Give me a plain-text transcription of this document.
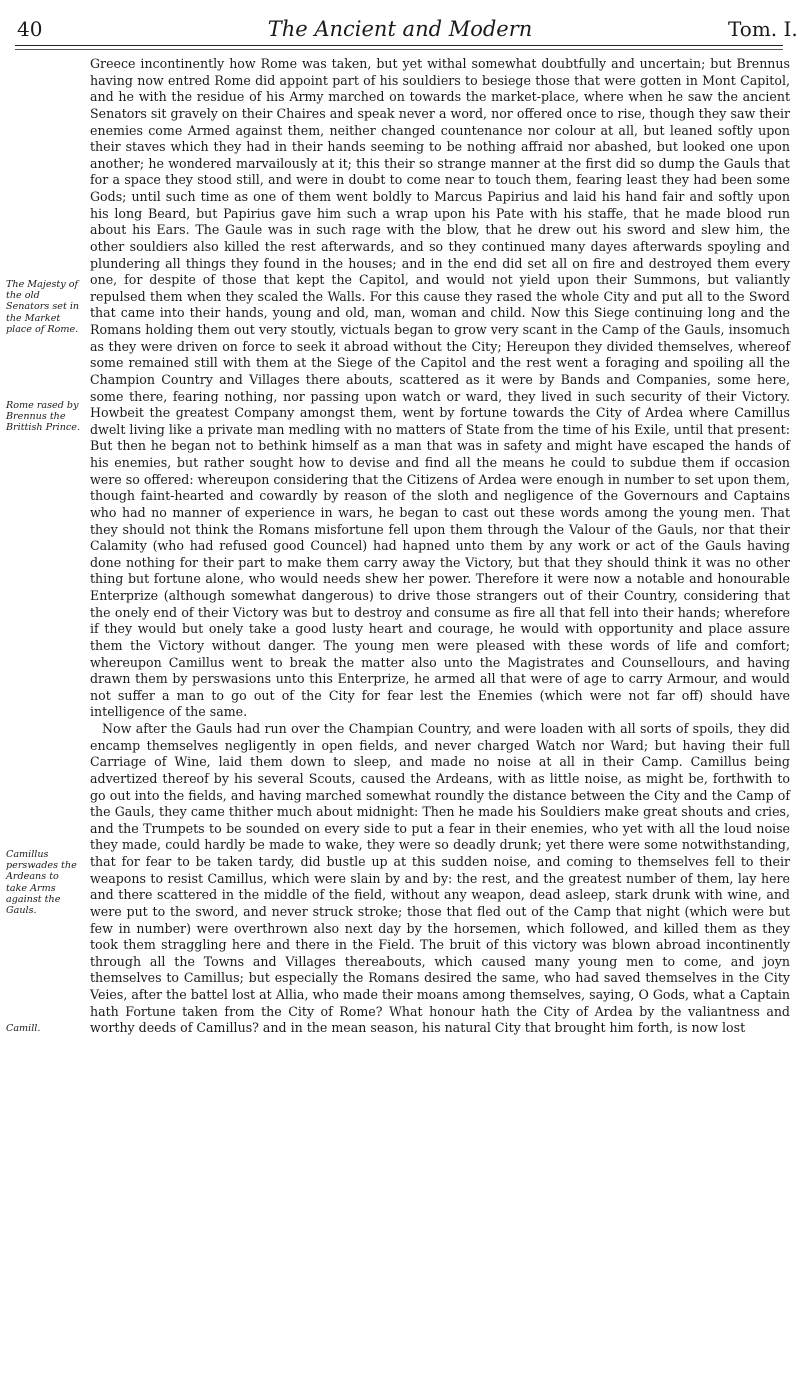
40	The Ancient and Modern	Tom. I.
The Majesty of the old Senators set in the Market place of Rome.
Rome rased by Brennus the Brittish Prince.
Camillus perswades the Ardeans to take Arms against the Gauls.
Camill.

Greece incontinently how Rome was taken, but yet withal somewhat doubtfully and uncertain; but Brennus having now entred Rome did appoint part of his souldiers to besiege those that were gotten in Mont Capitol, and he with the residue of his Army marched on towards the market-place, where when he saw the ancient Senators sit gravely on their Chaires and speak never a word, nor offered once to rise, though they saw their enemies come Armed against them, neither changed countenance nor colour at all, but leaned softly upon their staves which they had in their hands seeming to be nothing affraid nor abashed, but looked one upon another; he wondered marvailously at it; this their so strange manner at the first did so dump the Gauls that for a space they stood still, and were in doubt to come near to touch them, fearing least they had been some Gods; until such time as one of them went boldly to Marcus Papirius and laid his hand fair and softly upon his long Beard, but Papirius gave him such a wrap upon his Pate with his staffe, that he made blood run about his Ears. The Gaule was in such rage with the blow, that he drew out his sword and slew him, the other souldiers also killed the rest afterwards, and so they continued many dayes afterwards spoyling and plundering all things they found in the houses; and in the end did set all on fire and destroyed them every one, for despite of those that kept the Capitol, and would not yield upon their Summons, but valiantly repulsed them when they scaled the Walls. For this cause they rased the whole City and put all to the Sword that came into their hands, young and old, man, woman and child. Now this Siege continuing long and the Romans holding them out very stoutly, victuals began to grow very scant in the Camp of the Gauls, insomuch as they were driven on force to seek it abroad without the City; Hereupon they divided themselves, whereof some remained still with them at the Siege of the Capitol and the rest went a foraging and spoiling all the Champion Country and Villages there abouts, scattered as it were by Bands and Companies, some here, some there, fearing nothing, nor passing upon watch or ward, they lived in such security of their Victory. Howbeit the greatest Company amongst them, went by fortune towards the City of Ardea where Camillus dwelt living like a private man medling with no matters of State from the time of his Exile, until that present: But then he began not to bethink himself as a man that was in safety and might have escaped the hands of his enemies, but rather sought how to devise and find all the means he could to subdue them if occasion were so offered: whereupon considering that the Citizens of Ardea were enough in number to set upon them, though faint-hearted and cowardly by reason of the sloth and negligence of the Governours and Captains who had no manner of experience in wars, he began to cast out these words among the young men. That they should not think the Romans misfortune fell upon them through the Valour of the Gauls, nor that their Calamity (who had refused good Councel) had hapned unto them by any work or act of the Gauls having done nothing for their part to make them carry away the Victory, but that they should think it was no other thing but fortune alone, who would needs shew her power. Therefore it were now a notable and honourable Enterprize (although somewhat dangerous) to drive those strangers out of their Country, considering that the onely end of their Victory was but to destroy and consume as fire all that fell into their hands; wherefore if they would but onely take a good lusty heart and courage, he would with opportunity and place assure them the Victory without danger. The young men were pleased with these words of life and comfort; whereupon Camillus went to break the matter also unto the Magistrates and Counsellours, and having drawn them by perswasions unto this Enterprize, he armed all that were of age to carry Armour, and would not suffer a man to go out of the City for fear lest the Enemies (which were not far off) should have intelligence of the same.

Now after the Gauls had run over the Champian Country, and were loaden with all sorts of spoils, they did encamp themselves negligently in open fields, and never charged Watch nor Ward; but having their full Carriage of Wine, laid them down to sleep, and made no noise at all in their Camp. Camillus being advertized thereof by his several Scouts, caused the Ardeans, with as little noise, as might be, forthwith to go out into the fields, and having marched somewhat roundly the distance between the City and the Camp of the Gauls, they came thither much about midnight: Then he made his Souldiers make great shouts and cries, and the Trumpets to be sounded on every side to put a fear in their enemies, who yet with all the loud noise they made, could hardly be made to wake, they were so deadly drunk; yet there were some notwithstanding, that for fear to be taken tardy, did bustle up at this sudden noise, and coming to themselves fell to their weapons to resist Camillus, which were slain by and by: the rest, and the greatest number of them, lay here and there scattered in the middle of the field, without any weapon, dead asleep, stark drunk with wine, and were put to the sword, and never struck stroke; those that fled out of the Camp that night (which were but few in number) were overthrown also next day by the horsemen, which followed, and killed them as they took them straggling here and there in the Field. The bruit of this victory was blown abroad incontinently through all the Towns and Villages thereabouts, which caused many young men to come, and joyn themselves to Camillus; but especially the Romans desired the same, who had saved themselves in the City Veies, after the battel lost at Allia, who made their moans among themselves, saying, O Gods, what a Captain hath Fortune taken from the City of Rome? What honour hath the City of Ardea by the valiantness and worthy deeds of Camillus? and in the mean season, his natural City that brought him forth, is now lost
